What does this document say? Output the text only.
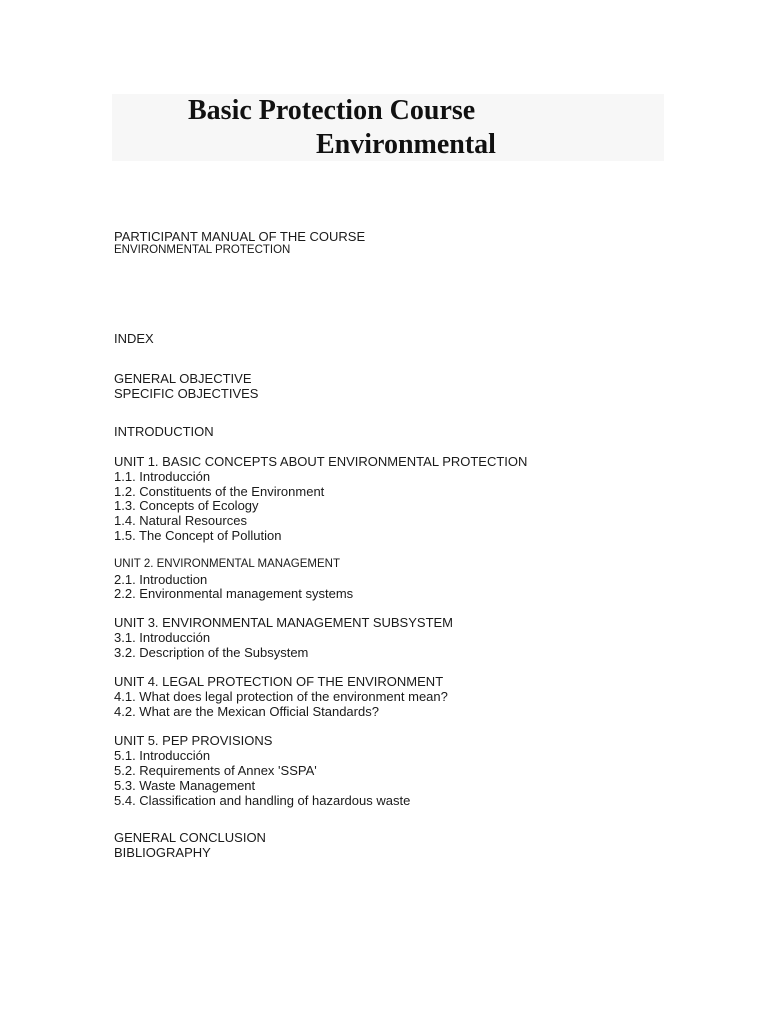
Basic Protection Course
Environmental
PARTICIPANT MANUAL OF THE COURSE
ENVIRONMENTAL PROTECTION
INDEX
GENERAL OBJECTIVE
SPECIFIC OBJECTIVES
INTRODUCTION
UNIT 1. BASIC CONCEPTS ABOUT ENVIRONMENTAL PROTECTION
1.1. Introducción
1.2. Constituents of the Environment
1.3. Concepts of Ecology
1.4. Natural Resources
1.5. The Concept of Pollution
UNIT 2. ENVIRONMENTAL MANAGEMENT
2.1. Introduction
2.2. Environmental management systems
UNIT 3. ENVIRONMENTAL MANAGEMENT SUBSYSTEM
3.1. Introducción
3.2. Description of the Subsystem
UNIT 4. LEGAL PROTECTION OF THE ENVIRONMENT
4.1. What does legal protection of the environment mean?
4.2. What are the Mexican Official Standards?
UNIT 5. PEP PROVISIONS
5.1. Introducción
5.2. Requirements of Annex 'SSPA'
5.3. Waste Management
5.4. Classification and handling of hazardous waste
GENERAL CONCLUSION
BIBLIOGRAPHY
